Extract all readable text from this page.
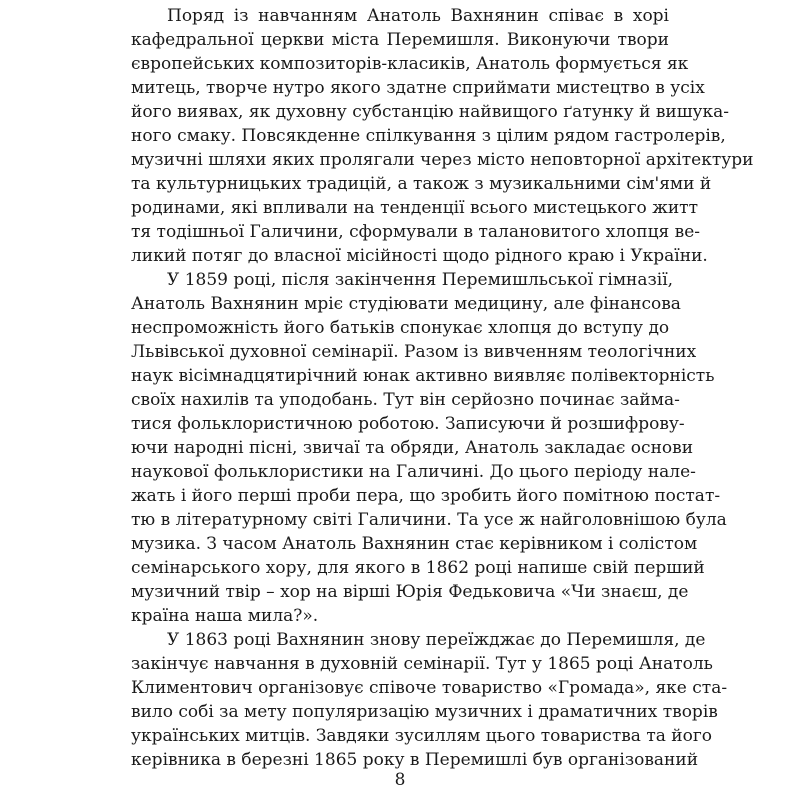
Поряд із навчанням Анатоль Вахнянин співає в хорі
кафедральної церкви міста Перемишля. Виконуючи твори
європейських композиторів-класиків, Анатоль формується як
митець, творче нутро якого здатне сприймати мистецтво в усіх
його виявах, як духовну субстанцію найвищого ґатунку й вишука-
ного смаку. Повсякденне спілкування з цілим рядом гастролерів,
музичні шляхи яких пролягали через місто неповторної архітектури
та культурницьких традицій, а також з музикальними сім'ями й
родинами, які впливали на тенденції всього мистецького житт
тя тодішньої Галичини, сформували в талановитого хлопця ве-
ликий потяг до власної місійності щодо рідного краю і України.
У 1859 році, після закінчення Перемишльської гімназії,
Анатоль Вахнянин мріє студіювати медицину, але фінансова
неспроможність його батьків спонукає хлопця до вступу до
Львівської духовної семінарії. Разом із вивченням теологічних
наук вісімнадцятирічний юнак активно виявляє полівекторність
своїх нахилів та уподобань. Тут він серйозно починає займа-
тися фольклористичною роботою. Записуючи й розшифрову-
ючи народні пісні, звичаї та обряди, Анатоль закладає основи
наукової фольклористики на Галичині. До цього періоду нале-
жать і його перші проби пера, що зробить його помітною постат-
тю в літературному світі Галичини. Та усе ж найголовнішою була
музика. З часом Анатоль Вахнянин стає керівником і солістом
семінарського хору, для якого в 1862 році напише свій перший
музичний твір – хор на вірші Юрія Федьковича «Чи знаєш, де
країна наша мила?».
У 1863 році Вахнянин знову переїжджає до Перемишля, де
закінчує навчання в духовній семінарії. Тут у 1865 році Анатоль
Климентович організовує співоче товариство «Громада», яке ста-
вило собі за мету популяризацію музичних і драматичних творів
українських митців. Завдяки зусиллям цього товариства та його
керівника в березні 1865 року в Перемишлі був організований
8
